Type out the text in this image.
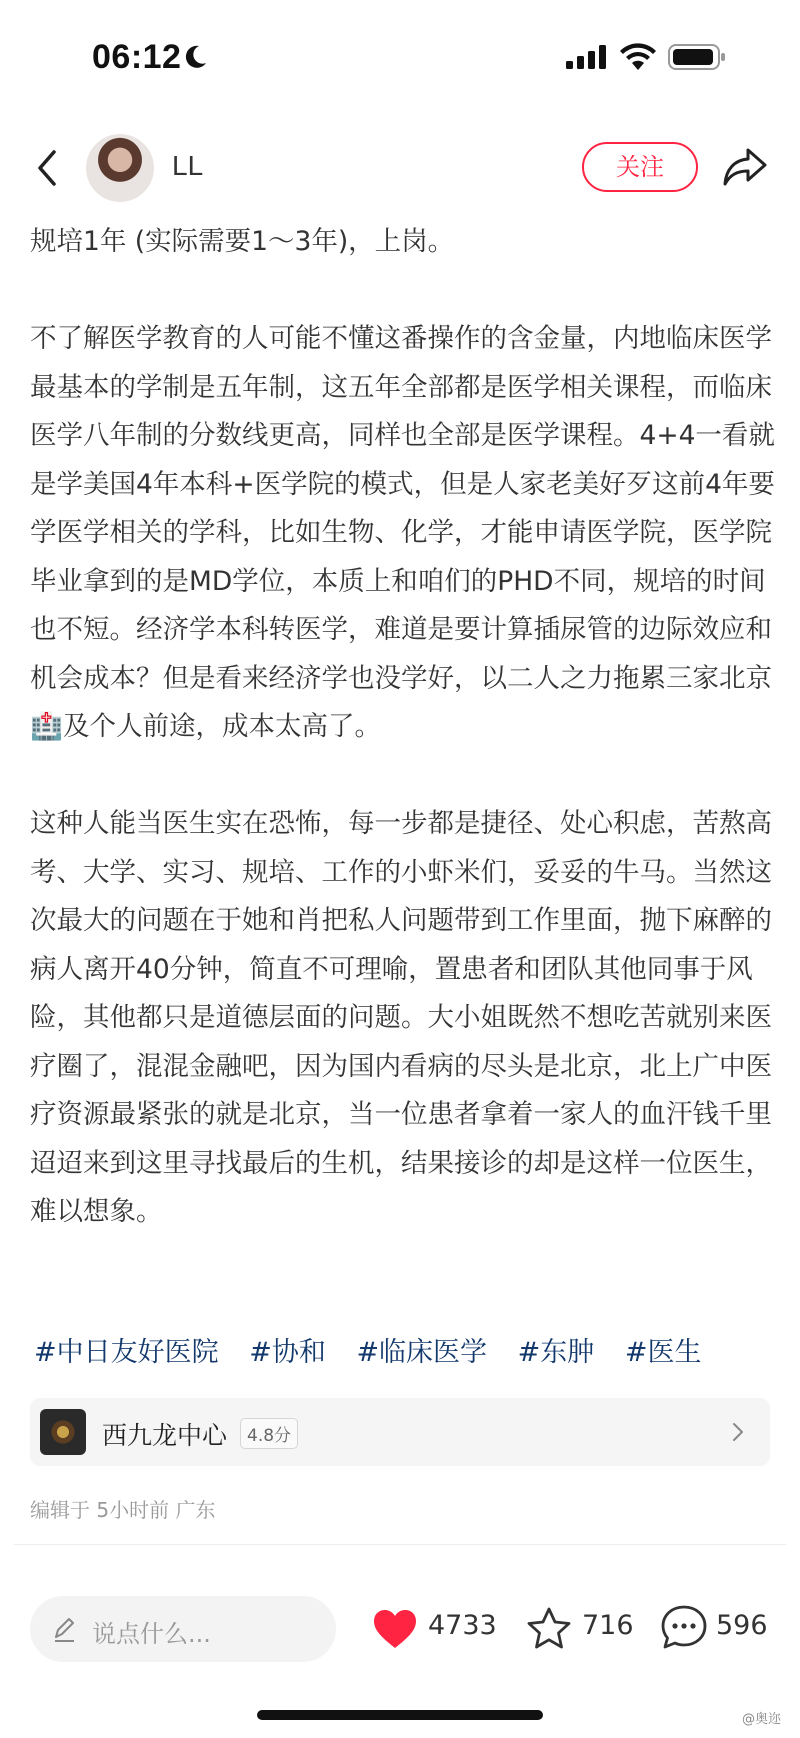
06:12
LL	关注

规培1年 (实际需要1～3年)，上岗。

不了解医学教育的人可能不懂这番操作的含金量，内地临床医学最基本的学制是五年制，这五年全部都是医学相关课程，而临床医学八年制的分数线更高，同样也全部是医学课程。4+4一看就是学美国4年本科+医学院的模式，但是人家老美好歹这前4年要学医学相关的学科，比如生物、化学，才能申请医学院，医学院毕业拿到的是MD学位，本质上和咱们的PHD不同，规培的时间也不短。经济学本科转医学，难道是要计算插尿管的边际效应和机会成本？但是看来经济学也没学好，以二人之力拖累三家北京🏥及个人前途，成本太高了。

这种人能当医生实在恐怖，每一步都是捷径、处心积虑，苦熬高考、大学、实习、规培、工作的小虾米们，妥妥的牛马。当然这次最大的问题在于她和肖把私人问题带到工作里面，抛下麻醉的病人离开40分钟，简直不可理喻，置患者和团队其他同事于风险，其他都只是道德层面的问题。大小姐既然不想吃苦就别来医疗圈了，混混金融吧，因为国内看病的尽头是北京，北上广中医疗资源最紧张的就是北京，当一位患者拿着一家人的血汗钱千里迢迢来到这里寻找最后的生机，结果接诊的却是这样一位医生，难以想象。

#中日友好医院 #协和 #临床医学 #东肿 #医生
西九龙中心	4.8分
编辑于 5小时前 广东
说点什么...	4733	716	596
@奥迩
